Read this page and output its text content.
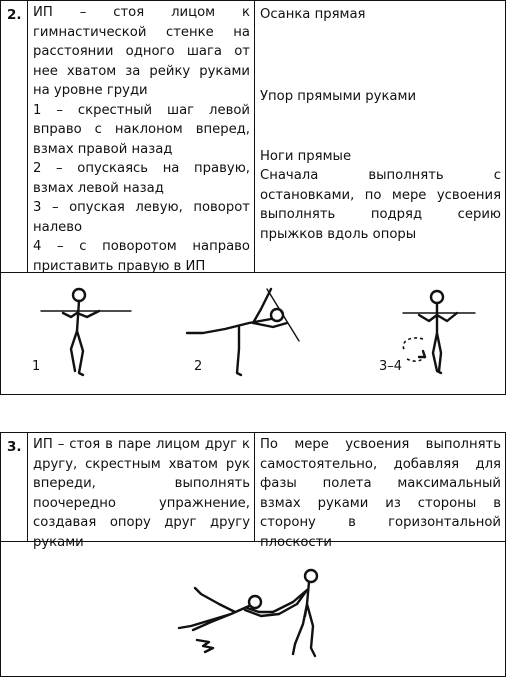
2. ИП – стоя лицом к гимнастической стенке на расстоянии одного шага от нее хватом за рейку руками на уровне груди
1 – скрестный шаг левой вправо с наклоном вперед, взмах правой назад
2 – опускаясь на правую, взмах левой назад
3 – опуская левую, поворот налево
4 – с поворотом направо приставить правую в ИП
Осанка прямая
Упор прямыми руками
Ноги прямые
Сначала выполнять с остановками, по мере усвоения выполнять подряд серию прыжков вдоль опоры
1	2	3–4
3. ИП – стоя в паре лицом друг к другу, скрестным хватом рук впереди, выполнять поочередно упражнение, создавая опору друг другу руками
По мере усвоения выполнять самостоятельно, добавляя для фазы полета максимальный взмах руками из стороны в сторону в горизонтальной плоскости
